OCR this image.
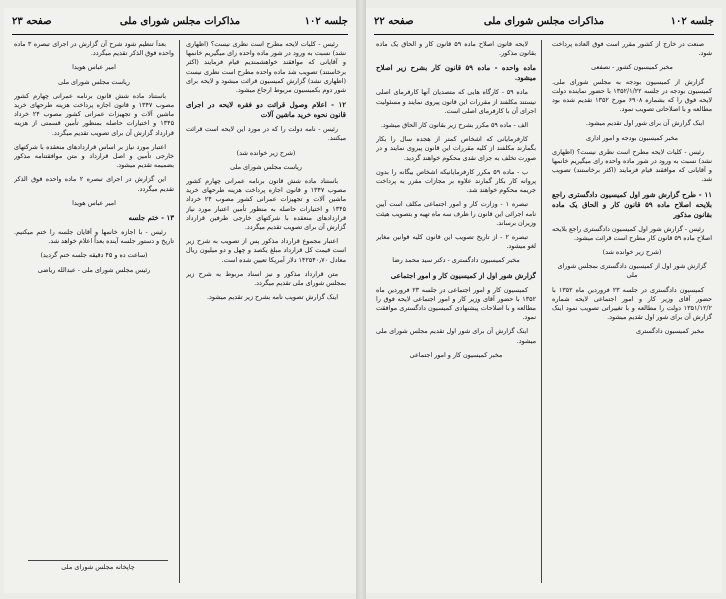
صفحه ۲۳	مذاکرات مجلس شورای ملی	جلسه ۱۰۲

رئیس - کلیات لایحه مطرح است نظری نیست؟ (اظهاری نشد) نسبت به ورود در شور ماده واحده رای میگیریم خانمها و آقایانی که موافقند خواهشمندیم قیام فرمایند (اکثر برخاستند) تصویب شد ماده واحده مطرح است نظری نیست (اظهاری نشد) گزارش کمیسیون قرائت میشود و لایحه برای شور دوم بکمیسیون مربوط ارجاع میشود.

۱۲ - اعلام وصول قرائت دو فقره لایحه در اجرای قانون نحوه خرید ماشین آلات

رئیس - نامه دولت را که در مورد این لایحه است قرائت میکنند.

(شرح زیر خوانده شد)

ریاست مجلس شورای ملی

باستناد ماده شش قانون برنامه عمرانی چهارم کشور مصوب ۱۳۴۷ و قانون اجازه پرداخت هزینه طرحهای خرید ماشین آلات و تجهیزات عمرانی کشور مصوب ۲۴ خرداد ۱۳۴۵ و اختیارات حاصله به منظور تأمین اعتبار مورد نیاز قراردادهای منعقده با شرکتهای خارجی طرفین قرارداد گزارش آن برای تصویب تقدیم میگردد.

اعتبار مجموع قرارداد مذکور پس از تصویب به شرح زیر است قیمت کل قرارداد مبلغ یکصد و چهل و دو میلیون ریال معادل ۱۴۲۵۴۰٫۷۰ دلار آمریکا تعیین شده است.

متن قرارداد مذکور و نیز اسناد مربوط به شرح زیر بمجلس شورای ملی تقدیم میگردد.

اینک گزارش تصویب نامه بشرح زیر تقدیم میشود.

بعداً تنظیم شود شرح آن گزارش در اجرای تبصره ۳ ماده واحده فوق الذکر تقدیم میگردد.

امیر عباس هویدا

ریاست مجلس شورای ملی

باستناد ماده شش قانون برنامه عمرانی چهارم کشور مصوب ۱۳۴۷ و قانون اجازه پرداخت هزینه طرحهای خرید ماشین آلات و تجهیزات عمرانی کشور مصوب ۲۴ خرداد ۱۳۴۵ و اختیارات حاصله بمنظور تأمین قسمتی از هزینه قرارداد گزارش آن برای تصویب تقدیم میگردد.

اعتبار مورد نیاز بر اساس قراردادهای منعقده با شرکتهای خارجی تأمین و اصل قرارداد و متن موافقتنامه مذکور بضمیمه تقدیم میشود.

این گزارش در اجرای تبصره ۲ ماده واحده فوق الذکر تقدیم میگردد.

امیر عباس هویدا

۱۳ - ختم جلسه

رئیس - با اجازه خانمها و آقایان جلسه را ختم میکنیم. تاریخ و دستور جلسه آینده بعداً اعلام خواهد شد.

(ساعت ده و ۴۵ دقیقه جلسه ختم گردید)

رئیس مجلس شورای ملی - عبدالله ریاضی

چاپخانه مجلس شورای ملی
صفحه ۲۲	مذاکرات مجلس شورای ملی	جلسه ۱۰۲

صنعت در خارج از کشور مقرر است فوق العاده پرداخت شود.

مخبر کمیسیون کشور - نصفعی

گزارش از کمیسیون بودجه به مجلس شورای ملی. کمیسیون بودجه در جلسه ۱۳۵۲/۱/۲۲ با حضور نماینده دولت لایحه فوق را که بشماره ۶۹۰۸ مورخ ۱۳۵۲ تقدیم شده بود مطالعه و با اصلاحاتی تصویب نمود.

اینک گزارش آن برای شور اول تقدیم میشود.

مخبر کمیسیون بودجه و امور اداری

رئیس - کلیات لایحه مطرح است نظری نیست؟ (اظهاری نشد) نسبت به ورود در شور ماده واحده رای میگیریم خانمها و آقایانی که موافقند قیام فرمایند (اکثر برخاستند) تصویب شد.

۱۱ - طرح گزارش شور اول کمیسیون دادگستری راجع بلایحه اصلاح ماده ۵۹ قانون کار و الحاق یک ماده بقانون مذکور

رئیس - گزارش شور اول کمیسیون دادگستری راجع بلایحه اصلاح ماده ۵۹ قانون کار مطرح است قرائت میشود.

(شرح زیر خوانده شد)

گزارش شور اول از کمیسیون دادگستری بمجلس شورای ملی

کمیسیون دادگستری در جلسه ۲۳ فروردین ماه ۱۳۵۲ با حضور آقای وزیر کار و امور اجتماعی لایحه شماره ۱۳۵۱/۱۲/۲ دولت را مطالعه و با تغییراتی تصویب نمود اینک گزارش آن برای شور اول تقدیم میشود.

مخبر کمیسیون دادگستری

لایحه قانون اصلاح ماده ۵۹ قانون کار و الحاق یک ماده بقانون مذکور.

ماده واحده - ماده ۵۹ قانون کار بشرح زیر اصلاح میشود.

ماده ۵۹ - کارگاه هایی که متصدیان آنها کارفرمای اصلی نیستند مکلفند از مقررات این قانون پیروی نمایند و مسئولیت اجرای آن با کارفرمای اصلی است.

الف - ماده ۵۹ مکرر بشرح زیر بقانون کار الحاق میشود.

کارفرمایانی که اشخاص کمتر از هجده سال را بکار بگمارند مکلفند از کلیه مقررات این قانون پیروی نمایند و در صورت تخلف به جزای نقدی محکوم خواهند گردید.

ب - ماده ۵۹ مکرر کارفرمایانیکه اشخاص بیگانه را بدون پروانه کار بکار گمارند علاوه بر مجازات مقرر به پرداخت جریمه محکوم خواهند شد.

تبصره ۱ - وزارت کار و امور اجتماعی مکلف است آیین نامه اجرائی این قانون را ظرف سه ماه تهیه و بتصویب هیئت وزیران برساند.

تبصره ۲ - از تاریخ تصویب این قانون کلیه قوانین مغایر لغو میشود.

مخبر کمیسیون دادگستری - دکتر سید محمد رضا

گزارش شور اول از کمیسیون کار و امور اجتماعی

کمیسیون کار و امور اجتماعی در جلسه ۲۳ فروردین ماه ۱۳۵۲ با حضور آقای وزیر کار و امور اجتماعی لایحه فوق را مطالعه و با اصلاحات پیشنهادی کمیسیون دادگستری موافقت نمود.

اینک گزارش آن برای شور اول تقدیم مجلس شورای ملی میشود.

مخبر کمیسیون کار و امور اجتماعی
